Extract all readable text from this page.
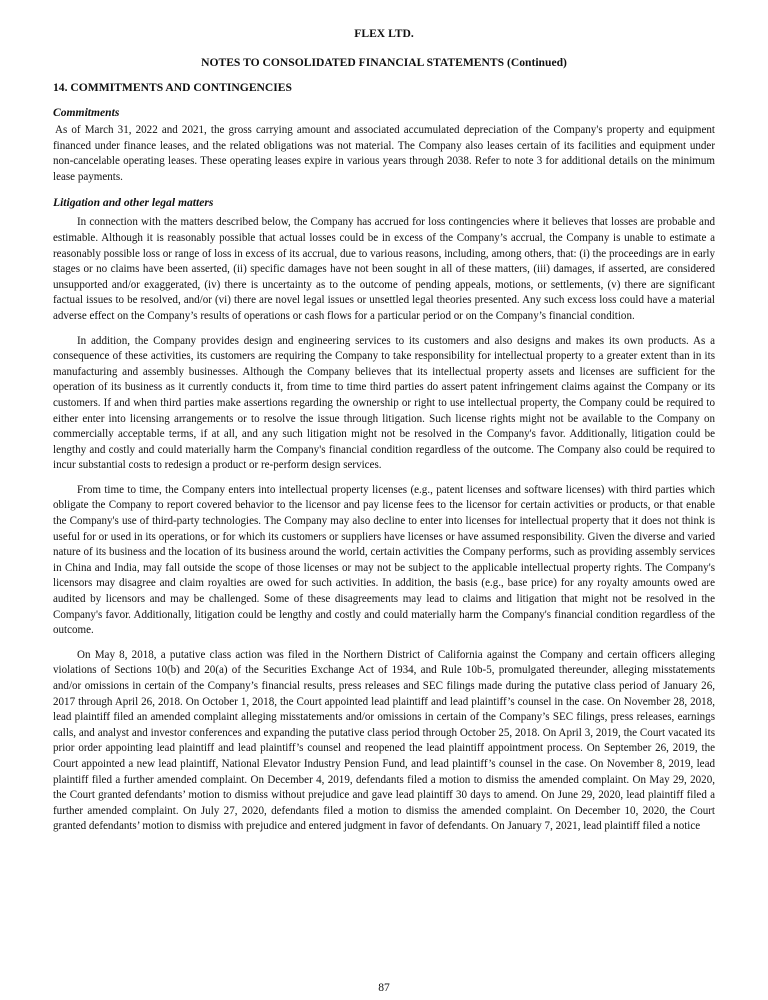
FLEX LTD.

NOTES TO CONSOLIDATED FINANCIAL STATEMENTS (Continued)

14. COMMITMENTS AND CONTINGENCIES

Commitments

As of March 31, 2022 and 2021, the gross carrying amount and associated accumulated depreciation of the Company's property and equipment financed under finance leases, and the related obligations was not material. The Company also leases certain of its facilities and equipment under non-cancelable operating leases. These operating leases expire in various years through 2038. Refer to note 3 for additional details on the minimum lease payments.

Litigation and other legal matters

In connection with the matters described below, the Company has accrued for loss contingencies where it believes that losses are probable and estimable. Although it is reasonably possible that actual losses could be in excess of the Company’s accrual, the Company is unable to estimate a reasonably possible loss or range of loss in excess of its accrual, due to various reasons, including, among others, that: (i) the proceedings are in early stages or no claims have been asserted, (ii) specific damages have not been sought in all of these matters, (iii) damages, if asserted, are considered unsupported and/or exaggerated, (iv) there is uncertainty as to the outcome of pending appeals, motions, or settlements, (v) there are significant factual issues to be resolved, and/or (vi) there are novel legal issues or unsettled legal theories presented. Any such excess loss could have a material adverse effect on the Company’s results of operations or cash flows for a particular period or on the Company’s financial condition.

In addition, the Company provides design and engineering services to its customers and also designs and makes its own products. As a consequence of these activities, its customers are requiring the Company to take responsibility for intellectual property to a greater extent than in its manufacturing and assembly businesses. Although the Company believes that its intellectual property assets and licenses are sufficient for the operation of its business as it currently conducts it, from time to time third parties do assert patent infringement claims against the Company or its customers. If and when third parties make assertions regarding the ownership or right to use intellectual property, the Company could be required to either enter into licensing arrangements or to resolve the issue through litigation. Such license rights might not be available to the Company on commercially acceptable terms, if at all, and any such litigation might not be resolved in the Company's favor. Additionally, litigation could be lengthy and costly and could materially harm the Company's financial condition regardless of the outcome. The Company also could be required to incur substantial costs to redesign a product or re-perform design services.

From time to time, the Company enters into intellectual property licenses (e.g., patent licenses and software licenses) with third parties which obligate the Company to report covered behavior to the licensor and pay license fees to the licensor for certain activities or products, or that enable the Company's use of third-party technologies. The Company may also decline to enter into licenses for intellectual property that it does not think is useful for or used in its operations, or for which its customers or suppliers have licenses or have assumed responsibility. Given the diverse and varied nature of its business and the location of its business around the world, certain activities the Company performs, such as providing assembly services in China and India, may fall outside the scope of those licenses or may not be subject to the applicable intellectual property rights. The Company's licensors may disagree and claim royalties are owed for such activities. In addition, the basis (e.g., base price) for any royalty amounts owed are audited by licensors and may be challenged. Some of these disagreements may lead to claims and litigation that might not be resolved in the Company's favor. Additionally, litigation could be lengthy and costly and could materially harm the Company's financial condition regardless of the outcome.

On May 8, 2018, a putative class action was filed in the Northern District of California against the Company and certain officers alleging violations of Sections 10(b) and 20(a) of the Securities Exchange Act of 1934, and Rule 10b-5, promulgated thereunder, alleging misstatements and/or omissions in certain of the Company’s financial results, press releases and SEC filings made during the putative class period of January 26, 2017 through April 26, 2018. On October 1, 2018, the Court appointed lead plaintiff and lead plaintiff’s counsel in the case. On November 28, 2018, lead plaintiff filed an amended complaint alleging misstatements and/or omissions in certain of the Company’s SEC filings, press releases, earnings calls, and analyst and investor conferences and expanding the putative class period through October 25, 2018. On April 3, 2019, the Court vacated its prior order appointing lead plaintiff and lead plaintiff’s counsel and reopened the lead plaintiff appointment process. On September 26, 2019, the Court appointed a new lead plaintiff, National Elevator Industry Pension Fund, and lead plaintiff’s counsel in the case. On November 8, 2019, lead plaintiff filed a further amended complaint. On December 4, 2019, defendants filed a motion to dismiss the amended complaint. On May 29, 2020, the Court granted defendants’ motion to dismiss without prejudice and gave lead plaintiff 30 days to amend. On June 29, 2020, lead plaintiff filed a further amended complaint. On July 27, 2020, defendants filed a motion to dismiss the amended complaint. On December 10, 2020, the Court granted defendants’ motion to dismiss with prejudice and entered judgment in favor of defendants. On January 7, 2021, lead plaintiff filed a notice

87
